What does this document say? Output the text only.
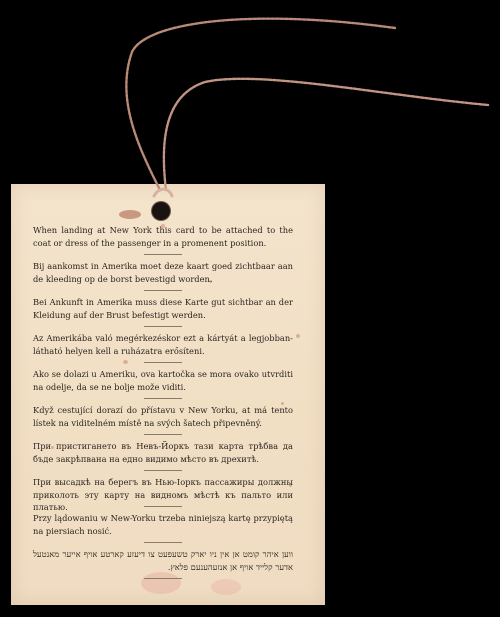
When landing at New York this card to be attached to the coat or dress of the passenger in a promenent position.

Bij aankomst in Amerika moet deze kaart goed zichtbaar aan de kleeding op de borst bevestigd worden.

Bei Ankunft in Amerika muss diese Karte gut sichtbar an der Kleidung auf der Brust befestigt werden.

Az Amerikába való megérkezéskor ezt a kártyát a legjobban-látható helyen kell a ruházatra erősíteni.

Ako se dolazi u Ameriku, ova kartočka se mora ovako utvrditi na odelje, da se ne bolje može viditi.

Když cestující dorazí do přístavu v New Yorku, at má tento lístek na viditelném místě na svých šatech připevněný.

При пристигането въ Невъ-Йоркъ тази карта трѣбва да бъде закрѣпвана на едно видимо мѣсто въ дрехитѣ.

При высадкѣ на берегъ въ Нью-Іоркъ пассажиры должны приколоть эту карту на видномъ мѣстѣ къ пальто или платью.

Przy lądowaniu w New-Yorku trzeba niniejszą kartę przypiętą na piersiach nosić.

ווען איהר קומט אן אין ניו יארק טשעפעט צו דיעזע קארטע אויף אייער מאנטעל אדער קלייד אויף אן אנזעהענעם פלאץ.
